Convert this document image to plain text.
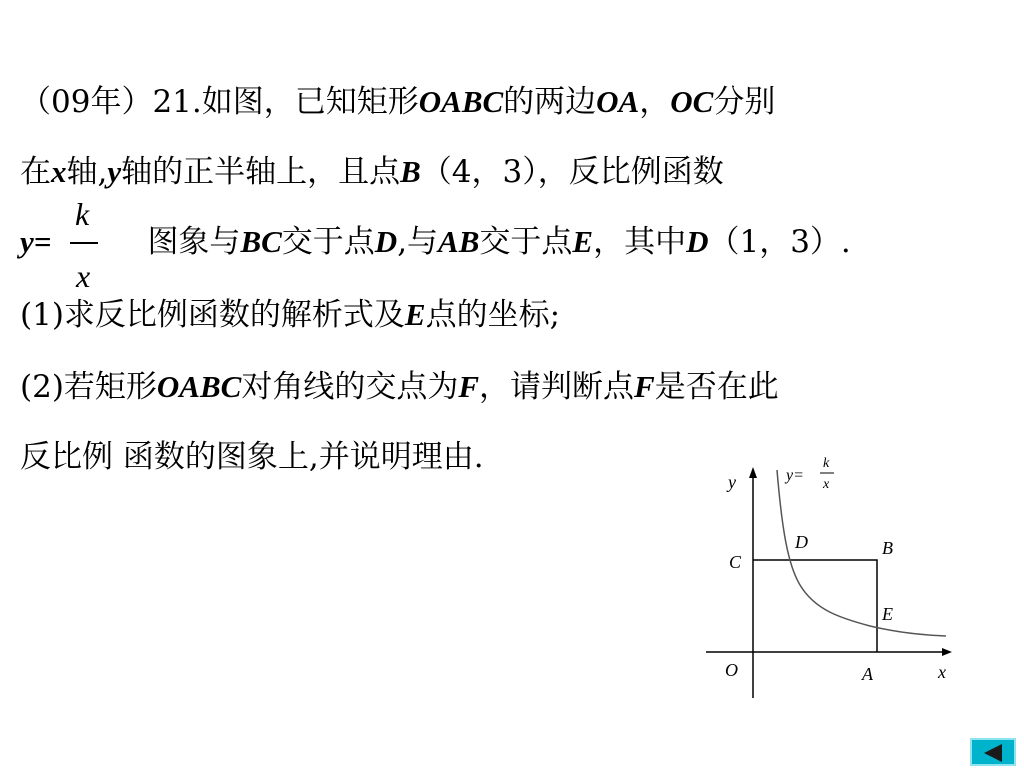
（09年）21.如图，已知矩形OABC的两边OA，OC分别
在x轴,y轴的正半轴上，且点B（4，3），反比例函数
y=	图象与BC交于点D,与AB交于点E，其中D（1，3）.
k
x
(1)求反比例函数的解析式及E点的坐标;
(2)若矩形OABC对角线的交点为F，请判断点F是否在此
反比例 函数的图象上,并说明理由.
y
x
O
C
D	B
E
A
y=
k
x
